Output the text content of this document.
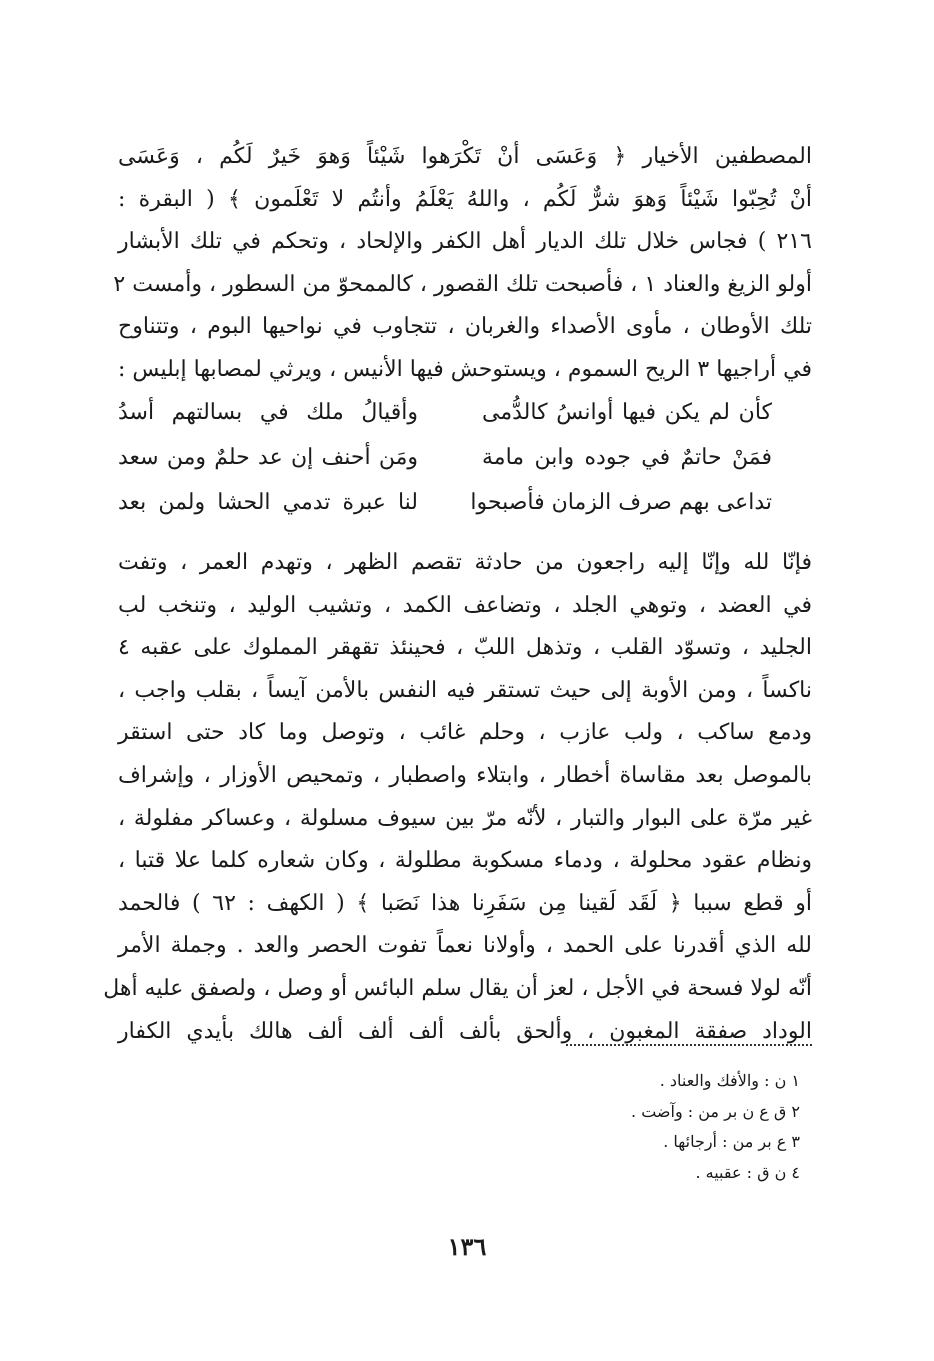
المصطفين الأخيار ﴿ وَعَسَى أنْ تَكْرَهوا شَيْئاً وَهوَ خَيرٌ لَكُم ، وَعَسَى
أنْ تُحِبّوا شَيْئاً وَهوَ شرٌّ لَكُم ، واللهُ يَعْلَمُ وأنتُم لا تَعْلَمون ﴾ ( البقرة :
٢١٦ ) فجاس خلال تلك الديار أهل الكفر والإلحاد ، وتحكم في تلك الأبشار
أولو الزيغ والعناد ١ ، فأصبحت تلك القصور ، كالممحوّ من السطور ، وأمست ٢
تلك الأوطان ، مأوى الأصداء والغربان ، تتجاوب في نواحيها البوم ، وتتناوح
في أراجيها ٣ الريح السموم ، ويستوحش فيها الأنيس ، ويرثي لمصابها إبليس :
كأن لم يكن فيها أوانسُ كالدُّمى
وأقيالُ ملك في بسالتهم أسدُ
فمَنْ حاتمٌ في جوده وابن مامة
ومَن أحنف إن عد حلمٌ ومن سعد
تداعى بهم صرف الزمان فأصبحوا
لنا عبرة تدمي الحشا ولمن بعد
فإنّا لله وإنّا إليه راجعون من حادثة تقصم الظهر ، وتهدم العمر ، وتفت
في العضد ، وتوهي الجلد ، وتضاعف الكمد ، وتشيب الوليد ، وتنخب لب
الجليد ، وتسوّد القلب ، وتذهل اللبّ ، فحينئذ تقهقر المملوك على عقبه ٤
ناكساً ، ومن الأوبة إلى حيث تستقر فيه النفس بالأمن آيساً ، بقلب واجب ،
ودمع ساكب ، ولب عازب ، وحلم غائب ، وتوصل وما كاد حتى استقر
بالموصل بعد مقاساة أخطار ، وابتلاء واصطبار ، وتمحيص الأوزار ، وإشراف
غير مرّة على البوار والتبار ، لأنّه مرّ بين سيوف مسلولة ، وعساكر مفلولة ،
ونظام عقود محلولة ، ودماء مسكوبة مطلولة ، وكان شعاره كلما علا قتبا ،
أو قطع سببا ﴿ لَقَد لَقينا مِن سَفَرِنا هذا نَصَبا ﴾ ( الكهف : ٦٢ ) فالحمد
لله الذي أقدرنا على الحمد ، وأولانا نعماً تفوت الحصر والعد . وجملة الأمر
أنّه لولا فسحة في الأجل ، لعز أن يقال سلم البائس أو وصل ، ولصفق عليه أهل
الوداد صفقة المغبون ، وألحق بألف ألف ألف ألف هالك بأيدي الكفار
١ ن : والأفك والعناد .
٢ ق ع ن بر من : وآضت .
٣ ع بر من : أرجائها .
٤ ن ق : عقبيه .
١٣٦
